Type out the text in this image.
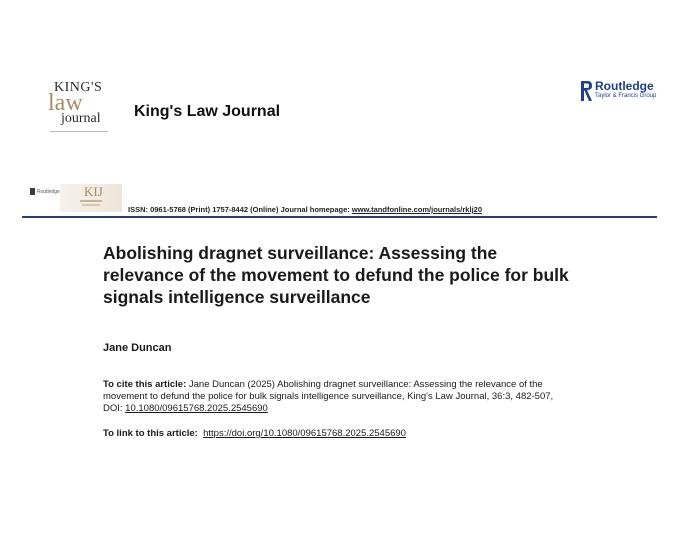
KING'S
law
journal King's Law Journal
Routledge
Taylor & Francis Group
Routledge KIJ
ISSN: 0961-5768 (Print) 1757-8442 (Online) Journal homepage: www.tandfonline.com/journals/rklj20
Abolishing dragnet surveillance: Assessing the relevance of the movement to defund the police for bulk signals intelligence surveillance
Jane Duncan
To cite this article: Jane Duncan (2025) Abolishing dragnet surveillance: Assessing the relevance of the movement to defund the police for bulk signals intelligence surveillance, King's Law Journal, 36:3, 482-507, DOI: 10.1080/09615768.2025.2545690
To link to this article: https://doi.org/10.1080/09615768.2025.2545690
